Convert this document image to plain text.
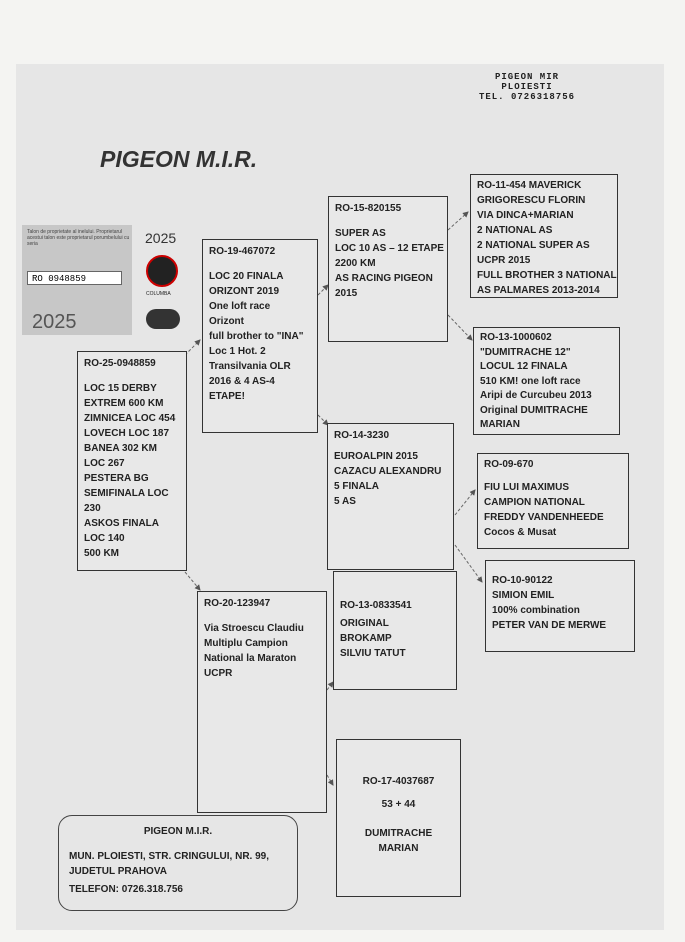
PIGEON MIR
PLOIESTI
TEL. 0726318756
PIGEON M.I.R.
Talon de proprietate al inelului. Proprietarul acestui talon este proprietarul porumbelului cu seria
RO 0948859
2025
2025
COLUMBA
RO-25-0948859
LOC 15 DERBY
EXTREM 600 KM
ZIMNICEA LOC 454
LOVECH LOC 187
BANEA 302 KM
LOC 267
PESTERA BG
SEMIFINALA LOC
230
ASKOS FINALA
LOC 140
500 KM
RO-19-467072
LOC 20 FINALA
ORIZONT 2019
One loft race
Orizont
full brother to "INA"
Loc 1 Hot. 2
Transilvania OLR
2016 & 4 AS-4
ETAPE!
RO-20-123947
Via Stroescu Claudiu
Multiplu Campion
National la Maraton
UCPR
RO-15-820155
SUPER AS
LOC 10 AS – 12 ETAPE
2200 KM
AS RACING PIGEON
2015
RO-14-3230
EUROALPIN 2015
CAZACU ALEXANDRU
5 FINALA
5 AS
RO-13-0833541
ORIGINAL
BROKAMP
SILVIU TATUT
RO-17-4037687
53 + 44
DUMITRACHE
MARIAN
RO-11-454 MAVERICK
GRIGORESCU FLORIN
VIA DINCA+MARIAN
2 NATIONAL AS
2 NATIONAL SUPER AS
UCPR 2015
FULL BROTHER 3 NATIONAL
AS PALMARES 2013-2014
RO-13-1000602
"DUMITRACHE 12"
LOCUL 12 FINALA
510 KM! one loft race
Aripi de Curcubeu 2013
Original DUMITRACHE
MARIAN
RO-09-670
FIU LUI MAXIMUS
CAMPION NATIONAL
FREDDY VANDENHEEDE
Cocos & Musat
RO-10-90122
SIMION EMIL
100% combination
PETER VAN DE MERWE
PIGEON M.I.R.
MUN. PLOIESTI, STR. CRINGULUI, NR. 99,
JUDETUL PRAHOVA
TELEFON: 0726.318.756
